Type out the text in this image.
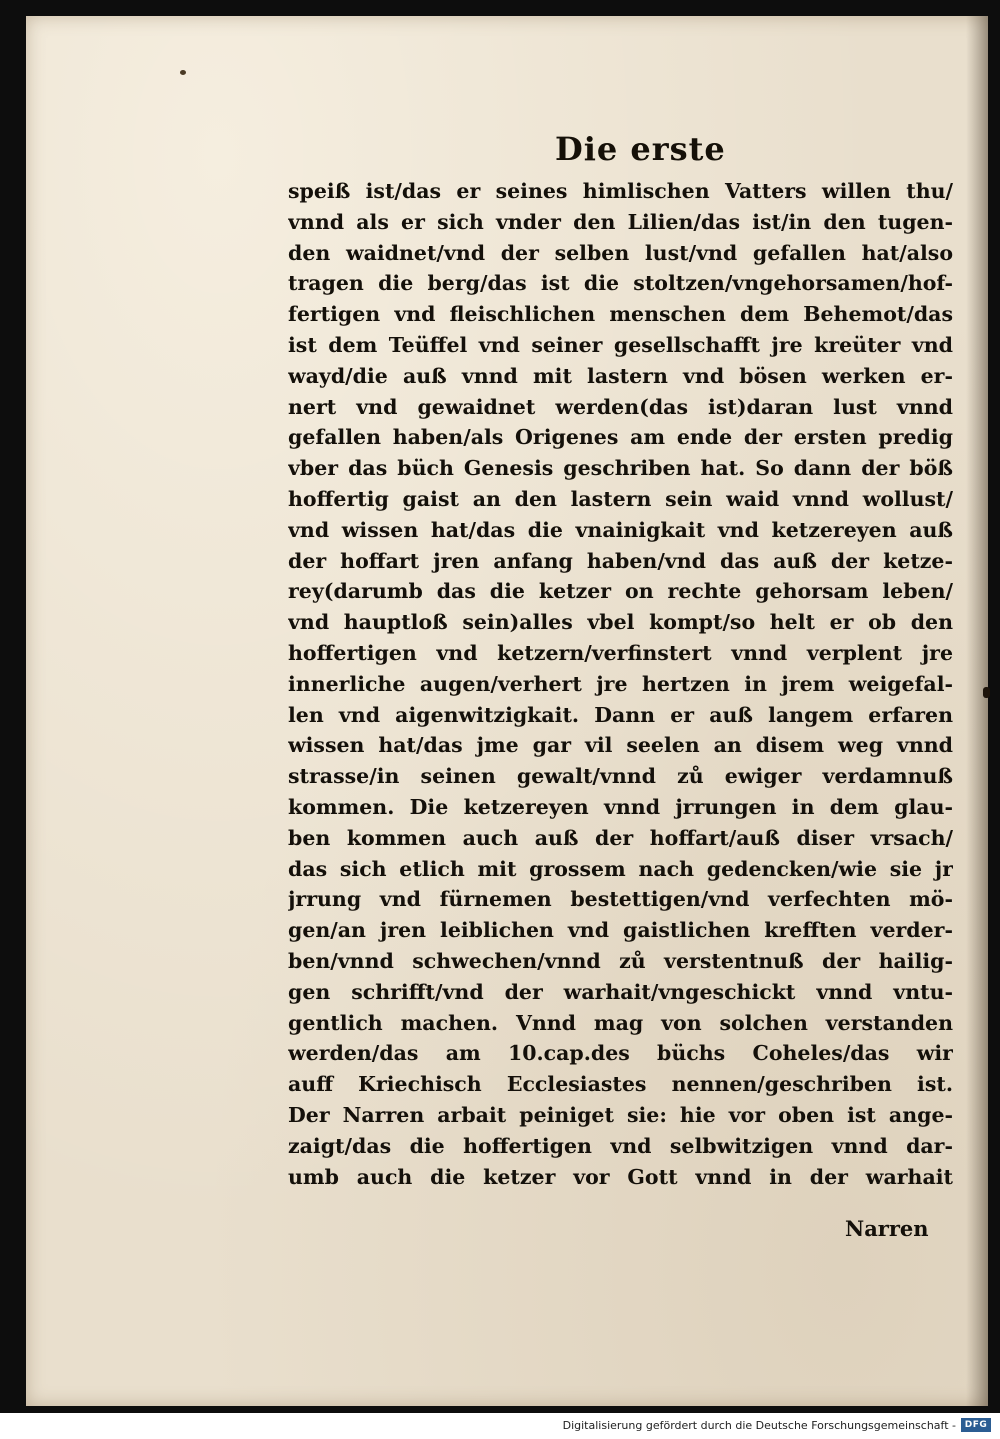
Die erste
speiß ist/das er seines himlischen Vatters willen thu/
vnnd als er sich vnder den Lilien/das ist/in den tugen-
den waidnet/vnd der selben lust/vnd gefallen hat/also
tragen die berg/das ist die stoltzen/vngehorsamen/hof-
fertigen vnd fleischlichen menschen dem Behemot/das
ist dem Teüffel vnd seiner gesellschafft jre kreüter vnd
wayd/die auß vnnd mit lastern vnd bösen werken er-
nert vnd gewaidnet werden(das ist)daran lust vnnd
gefallen haben/als Origenes am ende der ersten predig
vber das büch Genesis geschriben hat. So dann der böß
hoffertig gaist an den lastern sein waid vnnd wollust/
vnd wissen hat/das die vnainigkait vnd ketzereyen auß
der hoffart jren anfang haben/vnd das auß der ketze-
rey(darumb das die ketzer on rechte gehorsam leben/
vnd hauptloß sein)alles vbel kompt/so helt er ob den
hoffertigen vnd ketzern/verfinstert vnnd verplent jre
innerliche augen/verhert jre hertzen in jrem weigefal-
len vnd aigenwitzigkait. Dann er auß langem erfaren
wissen hat/das jme gar vil seelen an disem weg vnnd
strasse/in seinen gewalt/vnnd zů ewiger verdamnuß
kommen. Die ketzereyen vnnd jrrungen in dem glau-
ben kommen auch auß der hoffart/auß diser vrsach/
das sich etlich mit grossem nach gedencken/wie sie jr
jrrung vnd fürnemen bestettigen/vnd verfechten mö-
gen/an jren leiblichen vnd gaistlichen krefften verder-
ben/vnnd schwechen/vnnd zů verstentnuß der hailig-
gen schrifft/vnd der warhait/vngeschickt vnnd vntu-
gentlich machen. Vnnd mag von solchen verstanden
werden/das am 10.cap.des büchs Coheles/das wir
auff Kriechisch Ecclesiastes nennen/geschriben ist.
Der Narren arbait peiniget sie: hie vor oben ist ange-
zaigt/das die hoffertigen vnd selbwitzigen vnnd dar-
umb auch die ketzer vor Gott vnnd in der warhait
Narren
Digitalisierung gefördert durch die Deutsche Forschungsgemeinschaft - DFG
